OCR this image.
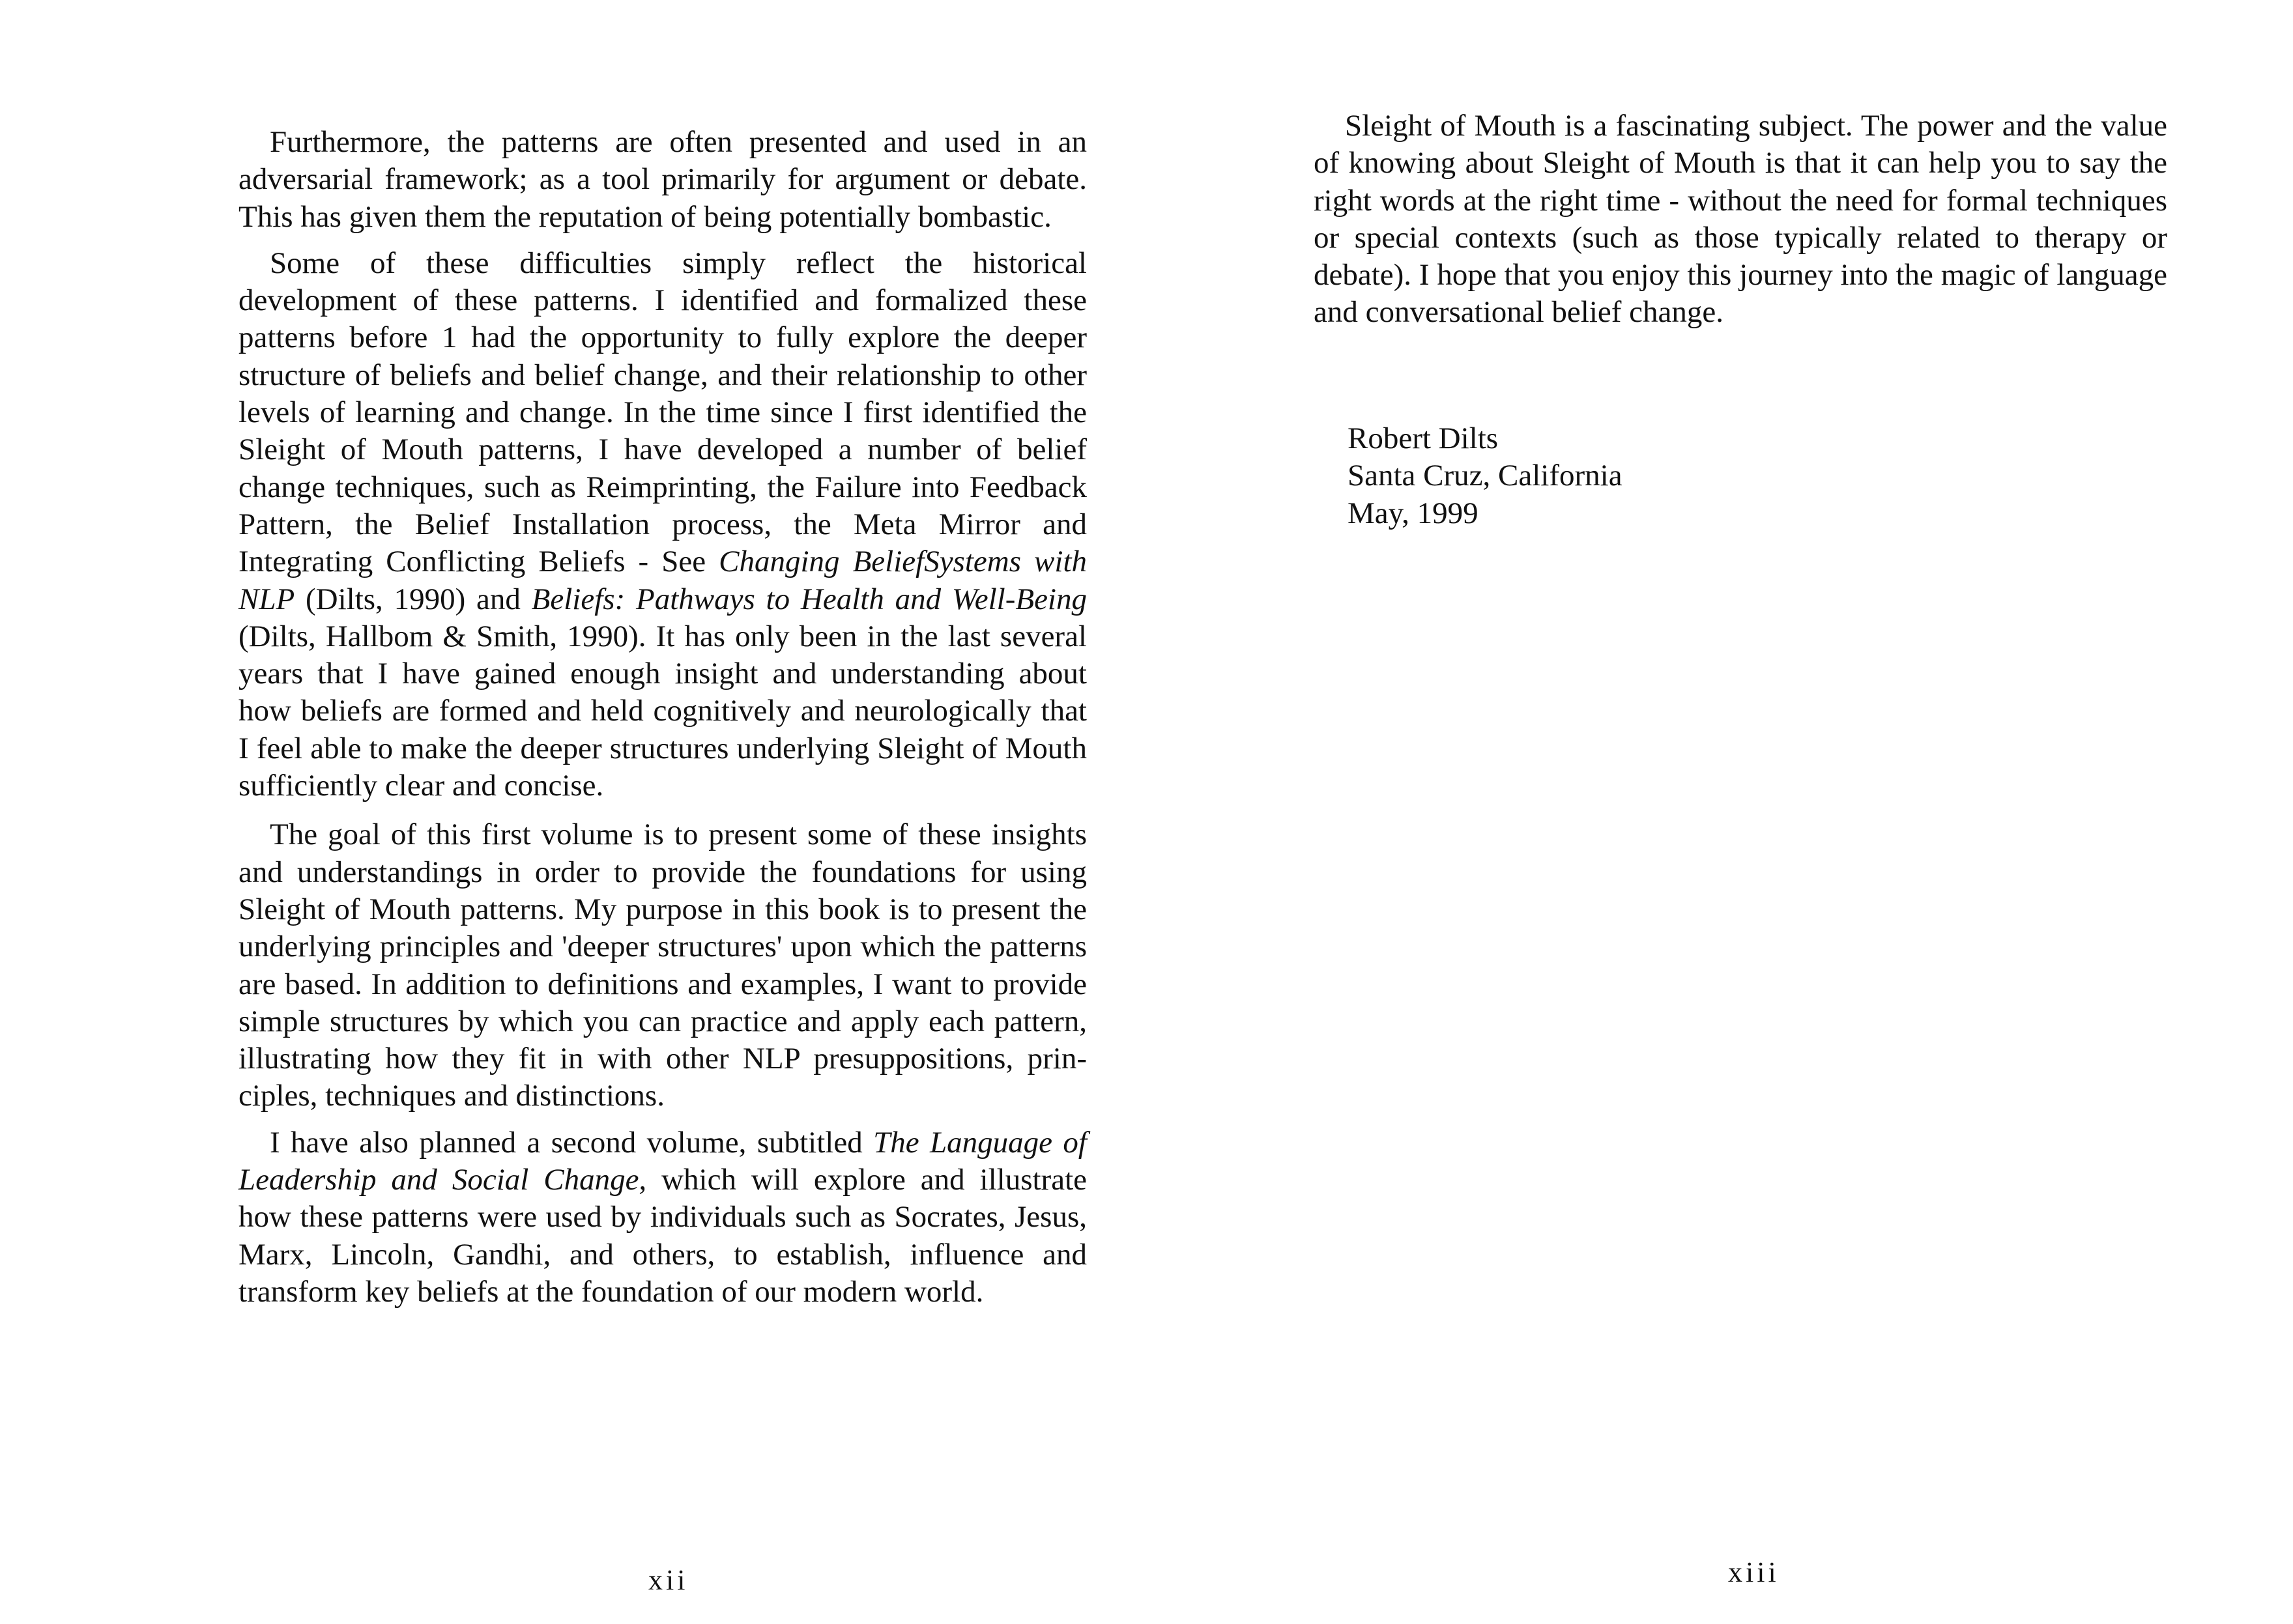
Furthermore, the patterns are often presented and used in an adversarial framework; as a tool primarily for argument or debate. This has given them the reputation of being potentially bombastic.

Some of these difficulties simply reflect the historical development of these patterns. I identified and formalized these patterns before 1 had the opportunity to fully explore the deeper structure of beliefs and belief change, and their relationship to other levels of learning and change. In the time since I first identified the Sleight of Mouth patterns, I have developed a number of belief change techniques, such as Reimprinting, the Failure into Feedback Pattern, the Belief Installation process, the Meta Mirror and Integrating Conflicting Beliefs - See Changing BeliefSystems with NLP (Dilts, 1990) and Beliefs: Pathways to Health and Well-Being (Dilts, Hallbom & Smith, 1990). It has only been in the last several years that I have gained enough insight and understanding about how beliefs are formed and held cognitively and neurologically that I feel able to make the deeper structures underlying Sleight of Mouth sufficiently clear and concise.

The goal of this first volume is to present some of these insights and understandings in order to provide the foundations for using Sleight of Mouth patterns. My purpose in this book is to present the underlying principles and 'deeper structures' upon which the patterns are based. In addition to definitions and examples, I want to provide simple structures by which you can practice and apply each pattern, illustrating how they fit in with other NLP presuppositions, principles, techniques and distinctions.

I have also planned a second volume, subtitled The Language of Leadership and Social Change, which will explore and illustrate how these patterns were used by individuals such as Socrates, Jesus, Marx, Lincoln, Gandhi, and others, to establish, influence and transform key beliefs at the foundation of our modern world.

xii

Sleight of Mouth is a fascinating subject. The power and the value of knowing about Sleight of Mouth is that it can help you to say the right words at the right time - without the need for formal techniques or special contexts (such as those typically related to therapy or debate). I hope that you enjoy this journey into the magic of language and conversational belief change.

Robert Dilts
Santa Cruz, California
May, 1999
xiii
